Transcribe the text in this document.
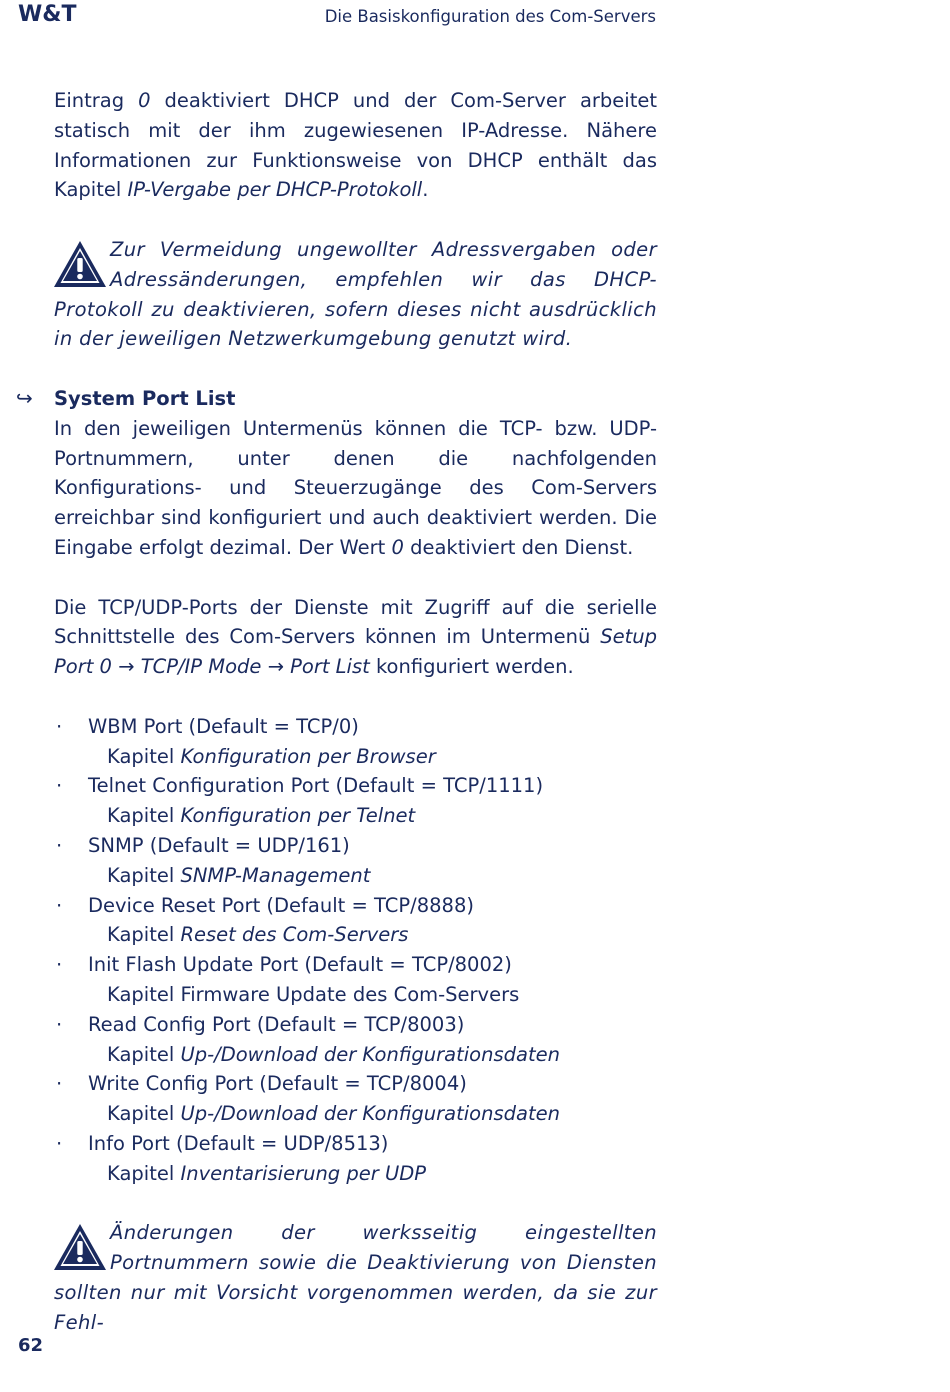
W&T	Die Basiskonfiguration des Com-Servers

Eintrag 0 deaktiviert DHCP und der Com-Server arbeitet statisch mit der ihm zugewiesenen IP-Adresse. Nähere Informationen zur Funktionsweise von DHCP enthält das Kapitel IP-Vergabe per DHCP-Protokoll.

Zur Vermeidung ungewollter Adressvergaben oder Adressänderungen, empfehlen wir das DHCP-Protokoll zu deaktivieren, sofern dieses nicht ausdrücklich in der jeweiligen Netzwerkumgebung genutzt wird.
↪ System Port List

In den jeweiligen Untermenüs können die TCP- bzw. UDP-Portnummern, unter denen die nachfolgenden Konfigurations- und Steuerzugänge des Com-Servers erreichbar sind konfiguriert und auch deaktiviert werden. Die Eingabe erfolgt dezimal. Der Wert 0 deaktiviert den Dienst.

Die TCP/UDP-Ports der Dienste mit Zugriff auf die serielle Schnittstelle des Com-Servers können im Untermenü Setup Port 0 → TCP/IP Mode → Port List konfiguriert werden.

· WBM Port (Default = TCP/0)
Kapitel Konfiguration per Browser
· Telnet Configuration Port (Default = TCP/1111)
Kapitel Konfiguration per Telnet
· SNMP (Default = UDP/161)
Kapitel SNMP-Management
· Device Reset Port (Default = TCP/8888)
Kapitel Reset des Com-Servers
· Init Flash Update Port (Default = TCP/8002)
Kapitel Firmware Update des Com-Servers
· Read Config Port (Default = TCP/8003)
Kapitel Up-/Download der Konfigurationsdaten
· Write Config Port (Default = TCP/8004)
Kapitel Up-/Download der Konfigurationsdaten
· Info Port (Default = UDP/8513)
Kapitel Inventarisierung per UDP
Änderungen der werksseitig eingestellten Portnummern sowie die Deaktivierung von Diensten sollten nur mit Vorsicht vorgenommen werden, da sie zur Fehl-
62
